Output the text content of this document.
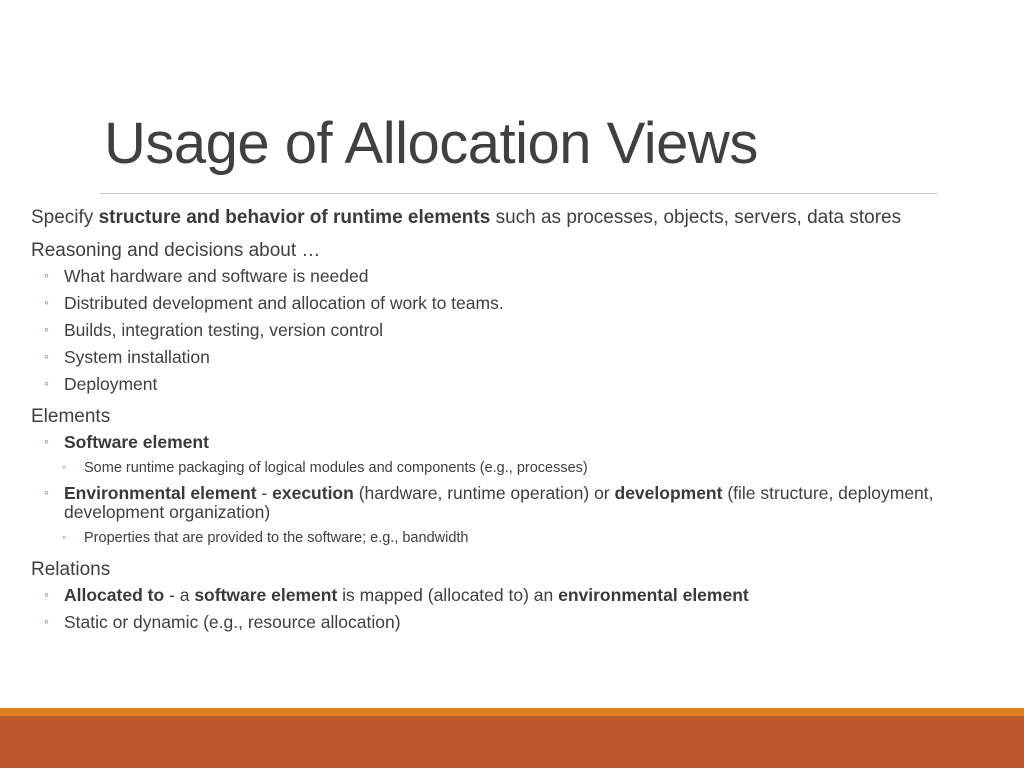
Usage of Allocation Views

Specify structure and behavior of runtime elements such as processes, objects, servers, data stores

Reasoning and decisions about …

◦ What hardware and software is needed

◦ Distributed development and allocation of work to teams.

◦ Builds, integration testing, version control

◦ System installation

◦ Deployment

Elements

◦ Software element

◦ Some runtime packaging of logical modules and components (e.g., processes)

◦ Environmental element - execution (hardware, runtime operation) or development (file structure, deployment, development organization)

◦ Properties that are provided to the software; e.g., bandwidth

Relations

◦ Allocated to - a software element is mapped (allocated to) an environmental element

◦ Static or dynamic (e.g., resource allocation)
